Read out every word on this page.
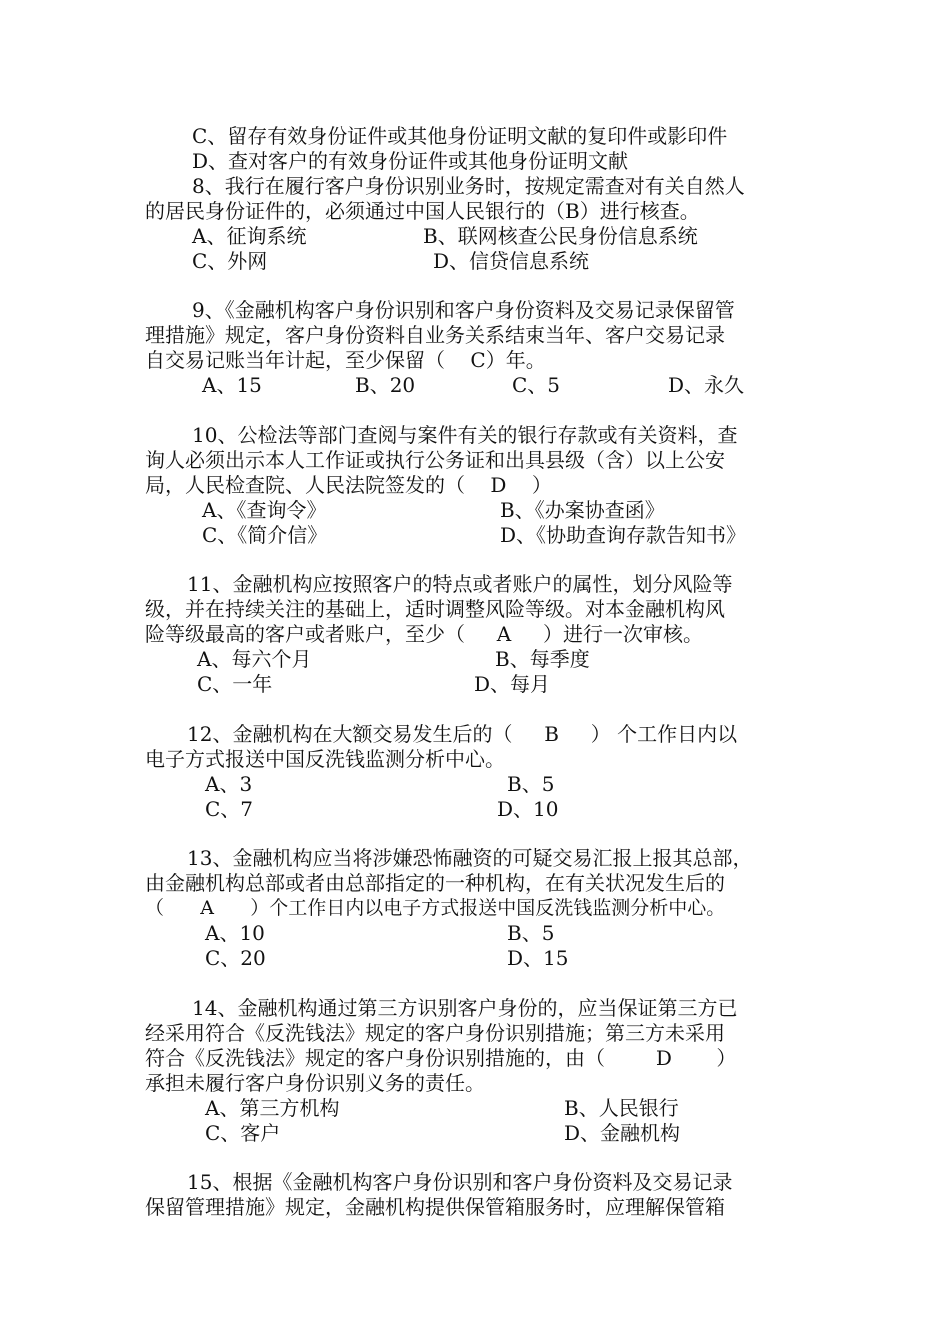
C、留存有效身份证件或其他身份证明文献的复印件或影印件
D、查对客户的有效身份证件或其他身份证明文献
8、我行在履行客户身份识别业务时，按规定需查对有关自然人
的居民身份证件的，必须通过中国人民银行的（B）进行核查。
A、征询系统	B、联网核查公民身份信息系统
C、外网	D、信贷信息系统
9、《金融机构客户身份识别和客户身份资料及交易记录保留管
理措施》规定，客户身份资料自业务关系结束当年、客户交易记录
自交易记账当年计起，至少保留（    C）年。
A、15	B、20	C、5	D、永久
10、公检法等部门查阅与案件有关的银行存款或有关资料，查
询人必须出示本人工作证或执行公务证和出具县级（含）以上公安
局，人民检查院、人民法院签发的（    D    ）
A、《查询令》	B、《办案协查函》
C、《简介信》	D、《协助查询存款告知书》
11、金融机构应按照客户的特点或者账户的属性，划分风险等
级，并在持续关注的基础上，适时调整风险等级。对本金融机构风
险等级最高的客户或者账户，至少（     A     ）进行一次审核。
A、每六个月	B、每季度
C、一年	D、每月
12、金融机构在大额交易发生后的（     B     ） 个工作日内以
电子方式报送中国反洗钱监测分析中心。
A、3	B、5
C、7	D、10
13、金融机构应当将涉嫌恐怖融资的可疑交易汇报上报其总部，
由金融机构总部或者由总部指定的一种机构，在有关状况发生后的
（      A      ）个工作日内以电子方式报送中国反洗钱监测分析中心。
A、10	B、5
C、20	D、15
14、金融机构通过第三方识别客户身份的，应当保证第三方已
经采用符合《反洗钱法》规定的客户身份识别措施；第三方未采用
符合《反洗钱法》规定的客户身份识别措施的，由（        D       ）
承担未履行客户身份识别义务的责任。
A、第三方机构	B、人民银行
C、客户	D、金融机构
15、根据《金融机构客户身份识别和客户身份资料及交易记录
保留管理措施》规定，金融机构提供保管箱服务时，应理解保管箱
